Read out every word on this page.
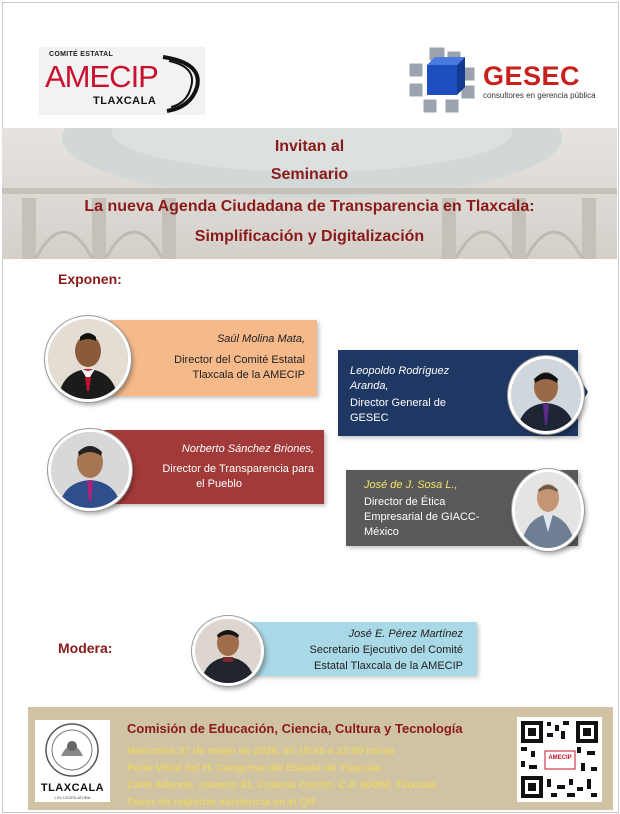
COMITÉ ESTATAL
AMECIP
TLAXCALA
GESEC
consultores en gerencia pública
Invitan al
Seminario
La nueva Agenda Ciudadana de Transparencia en Tlaxcala:
Simplificación y Digitalización
Exponen:
Saúl Molina Mata,
Director del Comité Estatal
Tlaxcala de la AMECIP	Leopoldo Rodríguez
Aranda,
Director General de
GESEC
Norberto Sánchez Briones,
Director de Transparencia para
el Pueblo	José de J. Sosa L.,
Director de Ética
Empresarial de GIACC-
México
Modera:
José E. Pérez Martínez
Secretario Ejecutivo del Comité
Estatal Tlaxcala de la AMECIP
TLAXCALA
LXV LEGISLATURA
Comisión de Educación, Ciencia, Cultura y Tecnología
Miércoles 27 de mayo de 2026, de 10:45 a 13:00 horas
Patio Vitral del H. Congreso del Estado de Tlaxcala
Calle Allende, número 31, Colonia Centro, C.P. 90000, Tlaxcala
Favor de registrar asistencia en el QR
AMECIP
